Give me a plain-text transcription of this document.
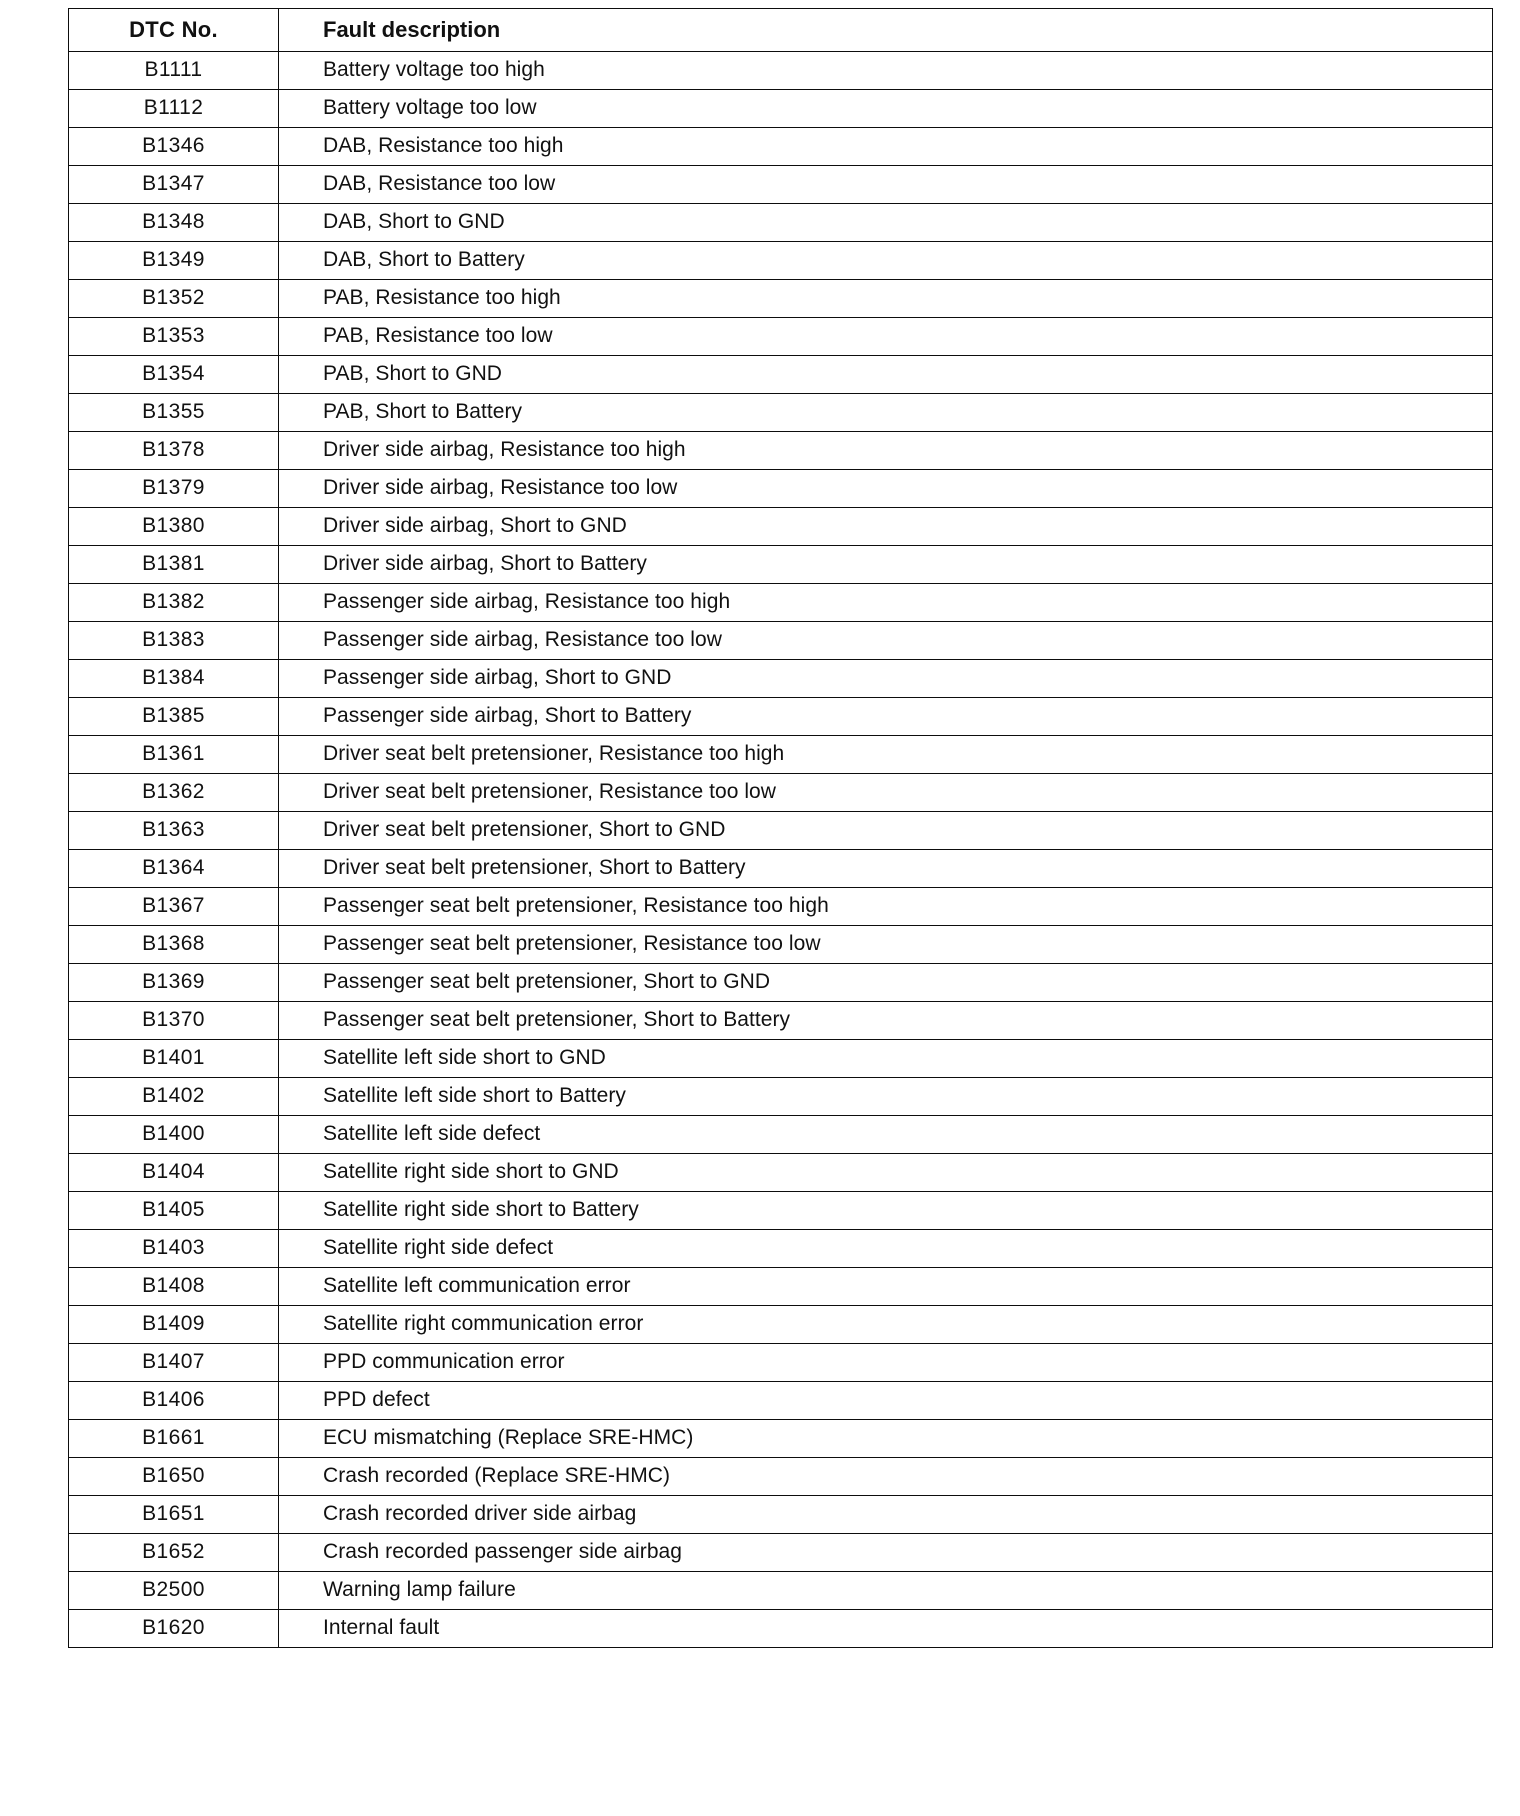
DTC No.	Fault description
B1111	Battery voltage too high
B1112	Battery voltage too low
B1346	DAB, Resistance too high
B1347	DAB, Resistance too low
B1348	DAB, Short to GND
B1349	DAB, Short to Battery
B1352	PAB, Resistance too high
B1353	PAB, Resistance too low
B1354	PAB, Short to GND
B1355	PAB, Short to Battery
B1378	Driver side airbag, Resistance too high
B1379	Driver side airbag, Resistance too low
B1380	Driver side airbag, Short to GND
B1381	Driver side airbag, Short to Battery
B1382	Passenger side airbag, Resistance too high
B1383	Passenger side airbag, Resistance too low
B1384	Passenger side airbag, Short to GND
B1385	Passenger side airbag, Short to Battery
B1361	Driver seat belt pretensioner, Resistance too high
B1362	Driver seat belt pretensioner, Resistance too low
B1363	Driver seat belt pretensioner, Short to GND
B1364	Driver seat belt pretensioner, Short to Battery
B1367	Passenger seat belt pretensioner, Resistance too high
B1368	Passenger seat belt pretensioner, Resistance too low
B1369	Passenger seat belt pretensioner, Short to GND
B1370	Passenger seat belt pretensioner, Short to Battery
B1401	Satellite left side short to GND
B1402	Satellite left side short to Battery
B1400	Satellite left side defect
B1404	Satellite right side short to GND
B1405	Satellite right side short to Battery
B1403	Satellite right side defect
B1408	Satellite left communication error
B1409	Satellite right communication error
B1407	PPD communication error
B1406	PPD defect
B1661	ECU mismatching (Replace SRE-HMC)
B1650	Crash recorded (Replace SRE-HMC)
B1651	Crash recorded driver side airbag
B1652	Crash recorded passenger side airbag
B2500	Warning lamp failure
B1620	Internal fault
